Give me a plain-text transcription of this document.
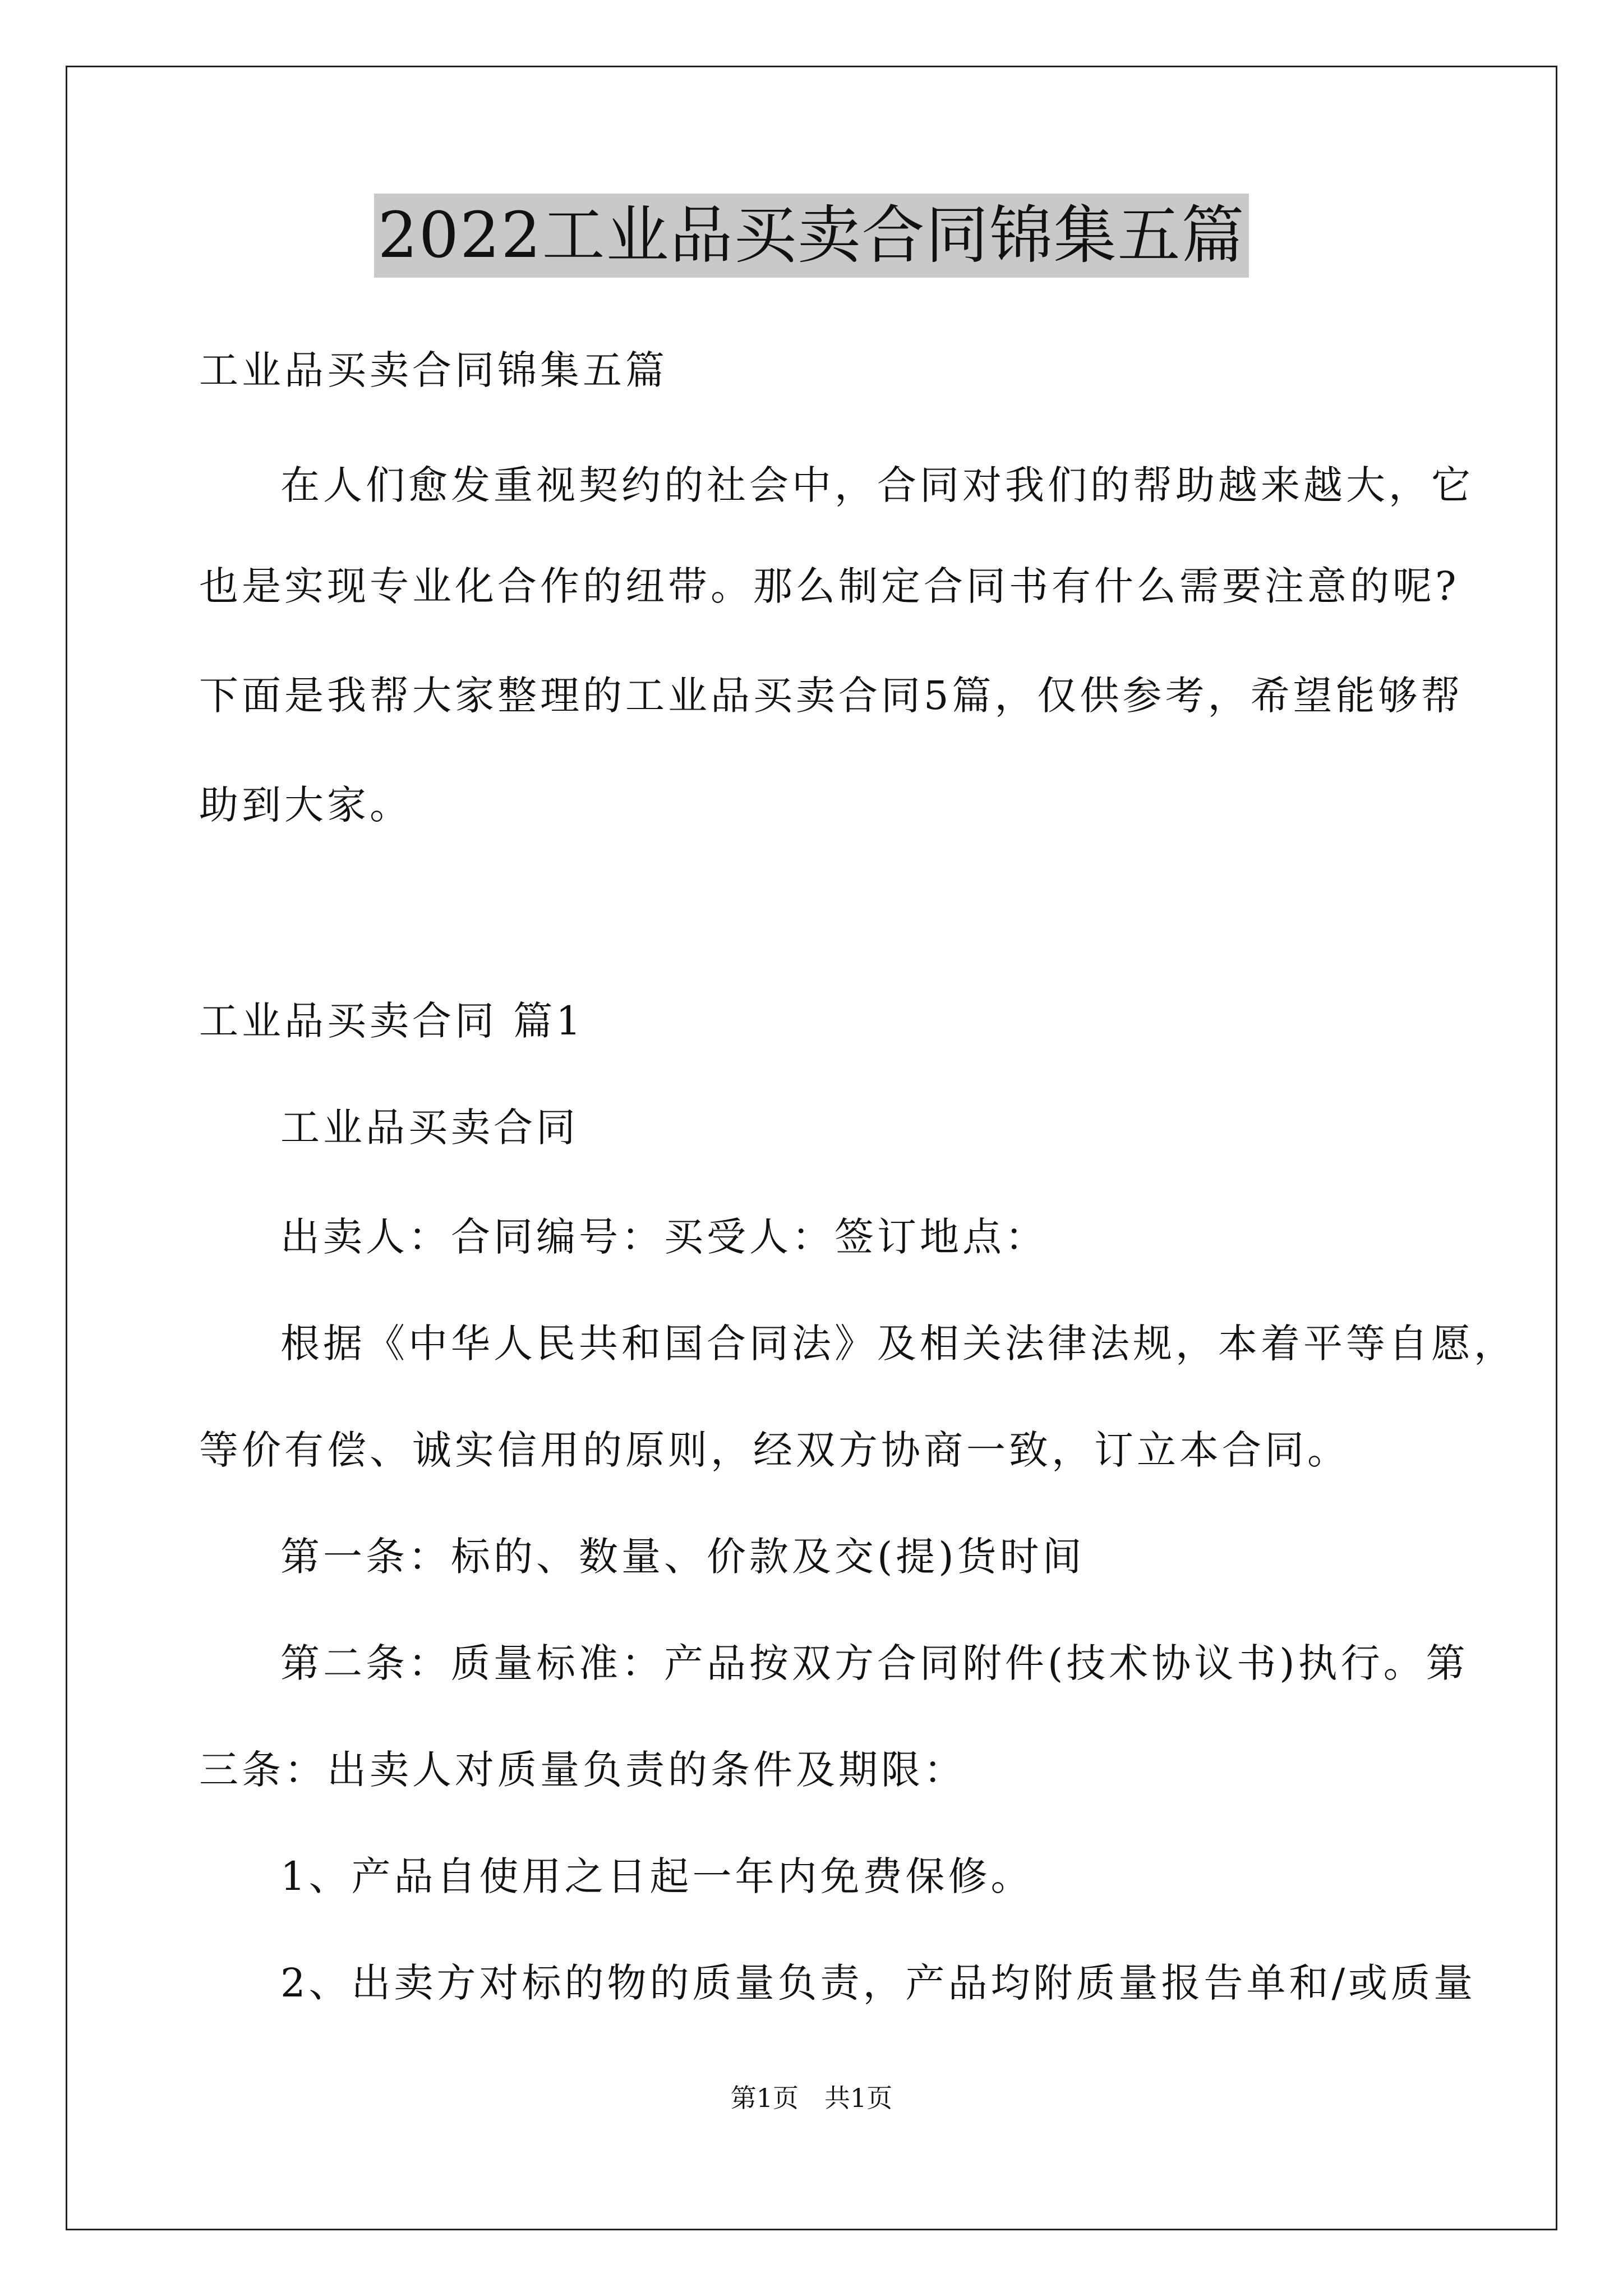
2022工业品买卖合同锦集五篇
工业品买卖合同锦集五篇
在人们愈发重视契约的社会中，合同对我们的帮助越来越大，它
也是实现专业化合作的纽带。那么制定合同书有什么需要注意的呢?
下面是我帮大家整理的工业品买卖合同5篇，仅供参考，希望能够帮
助到大家。
工业品买卖合同 篇1
工业品买卖合同
出卖人：合同编号：买受人：签订地点：
根据《中华人民共和国合同法》及相关法律法规，本着平等自愿，
等价有偿、诚实信用的原则，经双方协商一致，订立本合同。
第一条：标的、数量、价款及交(提)货时间
第二条：质量标准：产品按双方合同附件(技术协议书)执行。第
三条：出卖人对质量负责的条件及期限：
1、产品自使用之日起一年内免费保修。
2、出卖方对标的物的质量负责，产品均附质量报告单和/或质量
第1页　共1页
